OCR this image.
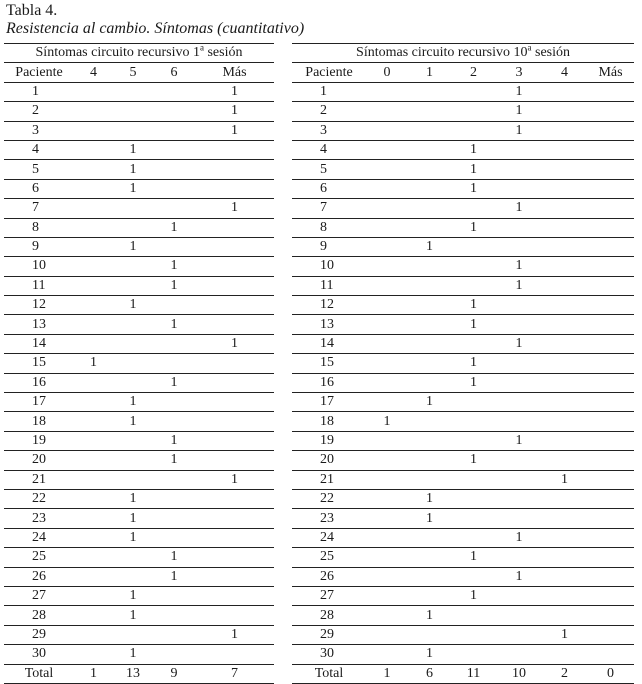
Tabla 4.
Resistencia al cambio. Síntomas (cuantitativo)
Síntomas circuito recursivo 1$^a$ sesión				
Paciente	4	5	6	Más
1				1
2				1
3				1
4		1		
5		1		
6		1		
7				1
8			1	
9		1		
10			1	
11			1	
12		1		
13			1	
14				1
15	1			
16			1	
17		1		
18		1		
19			1	
20			1	
21				1
22		1		
23		1		
24		1		
25			1	
26			1	
27		1		
28		1		
29				1
30		1		
Total	1	13	9	7
Síntomas circuito recursivo 10$^a$ sesión						
Paciente	0	1	2	3	4	Más
1				1		
2				1		
3				1		
4			1			
5			1			
6			1			
7				1		
8			1			
9		1				
10				1		
11				1		
12			1			
13			1			
14				1		
15			1			
16			1			
17		1				
18	1					
19				1		
20			1			
21					1	
22		1				
23		1				
24				1		
25			1			
26				1		
27			1			
28		1				
29					1	
30		1				
Total	1	6	11	10	2	0
